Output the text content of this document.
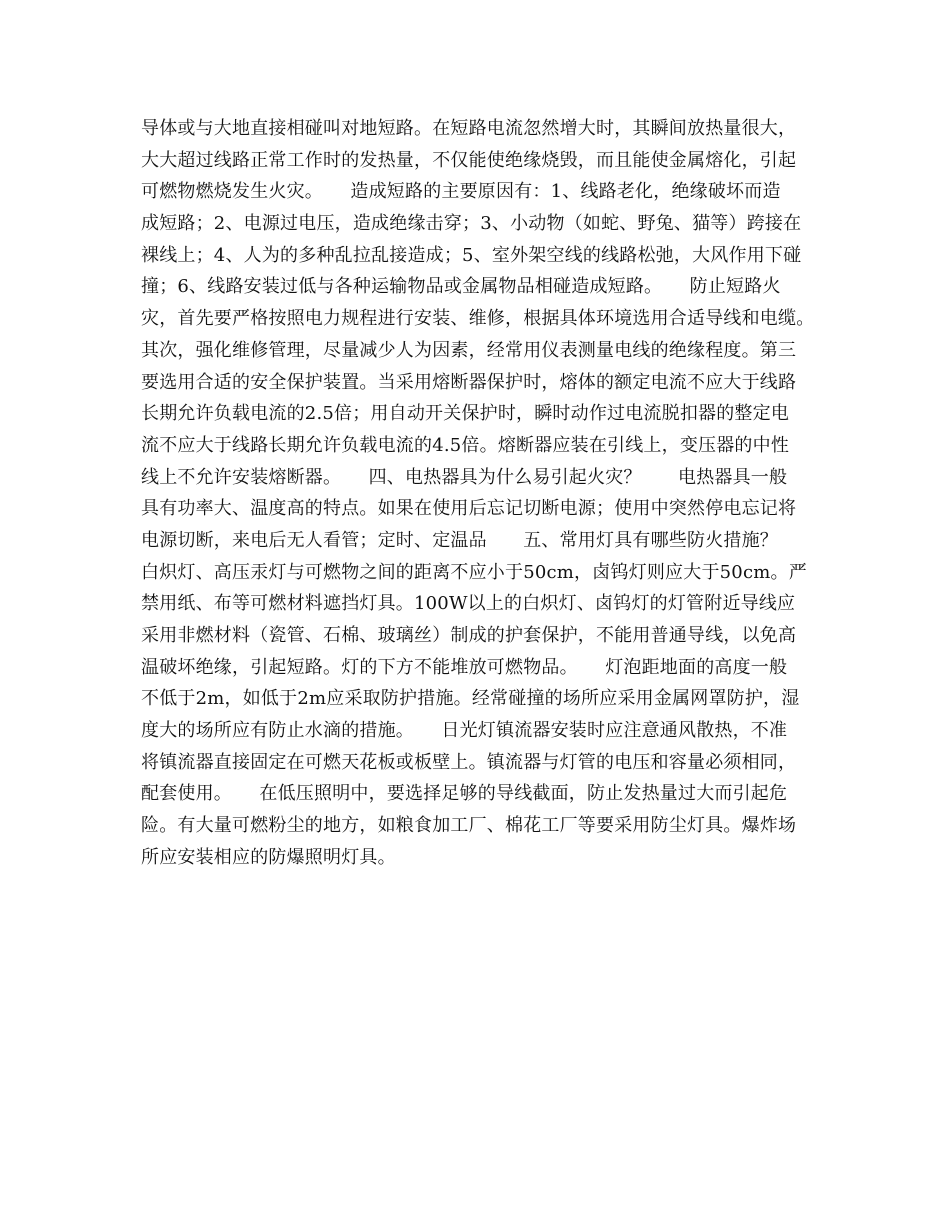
导体或与大地直接相碰叫对地短路。在短路电流忽然增大时，其瞬间放热量很大，
大大超过线路正常工作时的发热量，不仅能使绝缘烧毁，而且能使金属熔化，引起
可燃物燃烧发生火灾。　　造成短路的主要原因有：1、线路老化，绝缘破坏而造
成短路；2、电源过电压，造成绝缘击穿；3、小动物（如蛇、野兔、猫等）跨接在
裸线上；4、人为的多种乱拉乱接造成；5、室外架空线的线路松弛，大风作用下碰
撞；6、线路安装过低与各种运输物品或金属物品相碰造成短路。　　防止短路火
灾，首先要严格按照电力规程进行安装、维修，根据具体环境选用合适导线和电缆。
其次，强化维修管理，尽量减少人为因素，经常用仪表测量电线的绝缘程度。第三
要选用合适的安全保护装置。当采用熔断器保护时，熔体的额定电流不应大于线路
长期允许负载电流的2.5倍；用自动开关保护时，瞬时动作过电流脱扣器的整定电
流不应大于线路长期允许负载电流的4.5倍。熔断器应装在引线上，变压器的中性
线上不允许安装熔断器。　　四、电热器具为什么易引起火灾？　　电热器具一般
具有功率大、温度高的特点。如果在使用后忘记切断电源；使用中突然停电忘记将
电源切断，来电后无人看管；定时、定温品　　五、常用灯具有哪些防火措施？
白炽灯、高压汞灯与可燃物之间的距离不应小于50cm，卤钨灯则应大于50cm。严
禁用纸、布等可燃材料遮挡灯具。100W以上的白炽灯、卤钨灯的灯管附近导线应
采用非燃材料（瓷管、石棉、玻璃丝）制成的护套保护，不能用普通导线，以免高
温破坏绝缘，引起短路。灯的下方不能堆放可燃物品。　　灯泡距地面的高度一般
不低于2m，如低于2m应采取防护措施。经常碰撞的场所应采用金属网罩防护，湿
度大的场所应有防止水滴的措施。　　日光灯镇流器安装时应注意通风散热，不准
将镇流器直接固定在可燃天花板或板壁上。镇流器与灯管的电压和容量必须相同，
配套使用。　　在低压照明中，要选择足够的导线截面，防止发热量过大而引起危
险。有大量可燃粉尘的地方，如粮食加工厂、棉花工厂等要采用防尘灯具。爆炸场
所应安装相应的防爆照明灯具。
